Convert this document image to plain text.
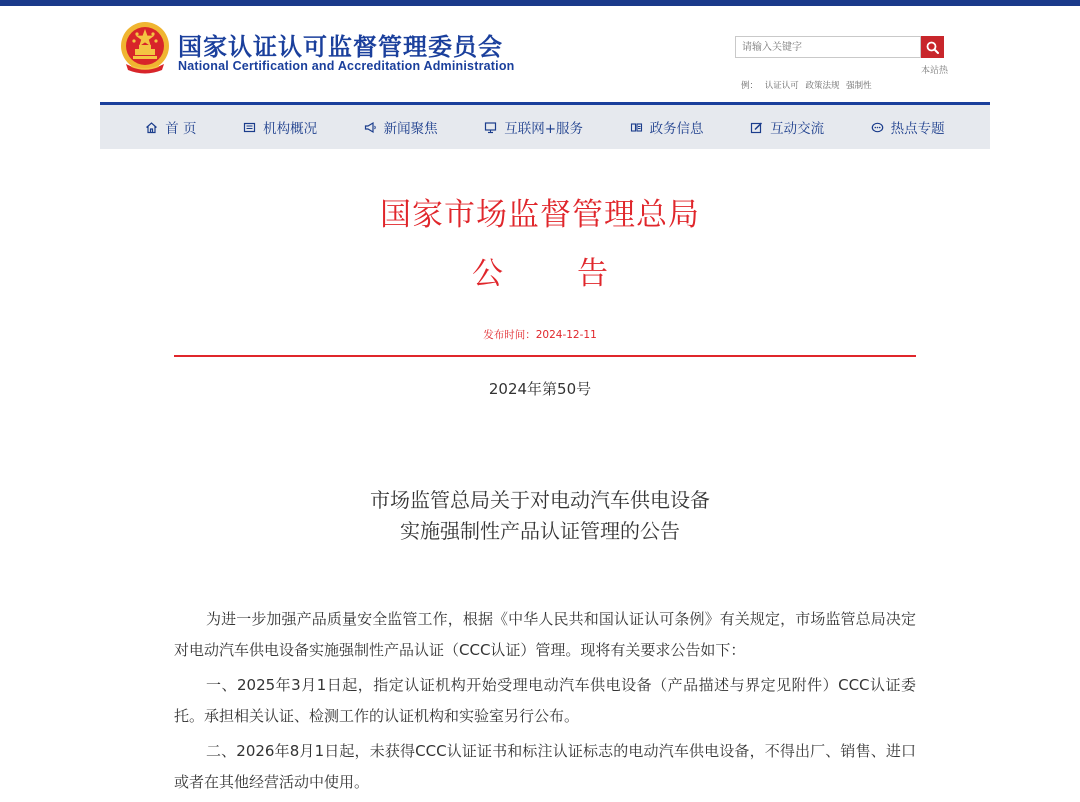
国家认证认可监督管理委员会
National Certification and Accreditation Administration
请输入关键字	本站热
例： 认证认可 政策法规 强制性
首 页	机构概况	新闻聚焦	互联网+服务	政务信息	互动交流	热点专题
国家市场监督管理总局
公告
发布时间：2024-12-11
2024年第50号
市场监管总局关于对电动汽车供电设备
实施强制性产品认证管理的公告

为进一步加强产品质量安全监管工作，根据《中华人民共和国认证认可条例》有关规定，市场监管总局决定对电动汽车供电设备实施强制性产品认证（CCC认证）管理。现将有关要求公告如下：

一、2025年3月1日起，指定认证机构开始受理电动汽车供电设备（产品描述与界定见附件）CCC认证委托。承担相关认证、检测工作的认证机构和实验室另行公布。

二、2026年8月1日起，未获得CCC认证证书和标注认证标志的电动汽车供电设备，不得出厂、销售、进口或者在其他经营活动中使用。
